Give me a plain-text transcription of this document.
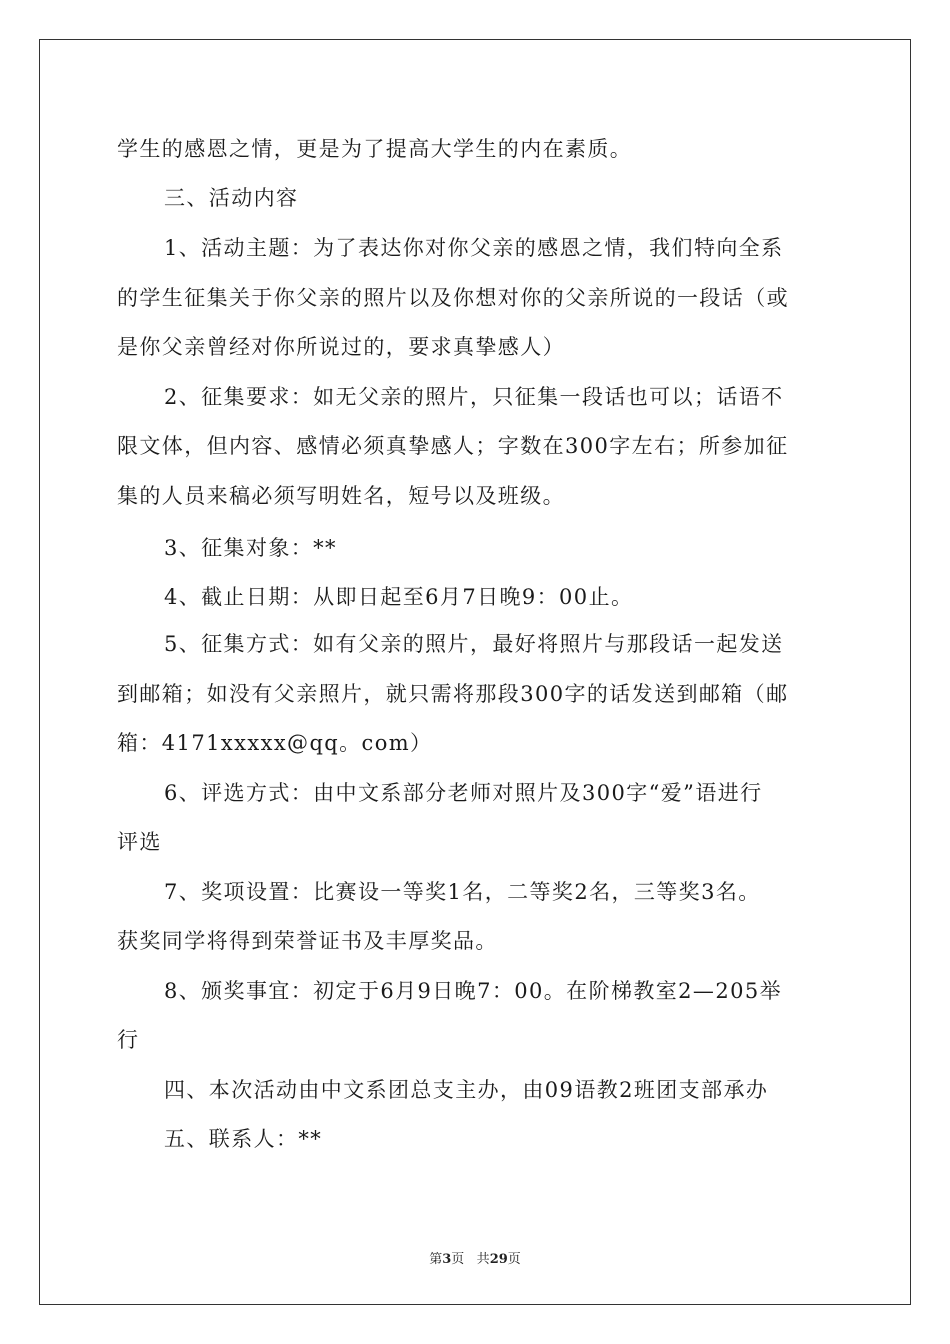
学生的感恩之情，更是为了提高大学生的内在素质。
三、活动内容
1、活动主题：为了表达你对你父亲的感恩之情，我们特向全系
的学生征集关于你父亲的照片以及你想对你的父亲所说的一段话（或
是你父亲曾经对你所说过的，要求真挚感人）
2、征集要求：如无父亲的照片，只征集一段话也可以；话语不
限文体，但内容、感情必须真挚感人；字数在300字左右；所参加征
集的人员来稿必须写明姓名，短号以及班级。
3、征集对象：**
4、截止日期：从即日起至6月7日晚9：00止。
5、征集方式：如有父亲的照片，最好将照片与那段话一起发送
到邮箱；如没有父亲照片，就只需将那段300字的话发送到邮箱（邮
箱：4171xxxxx@qq。com）
6、评选方式：由中文系部分老师对照片及300字“爱”语进行
评选
7、奖项设置：比赛设一等奖1名，二等奖2名，三等奖3名。
获奖同学将得到荣誉证书及丰厚奖品。
8、颁奖事宜：初定于6月9日晚7：00。在阶梯教室2—205举
行
四、本次活动由中文系团总支主办，由09语教2班团支部承办
五、联系人：**
第3页 共29页
